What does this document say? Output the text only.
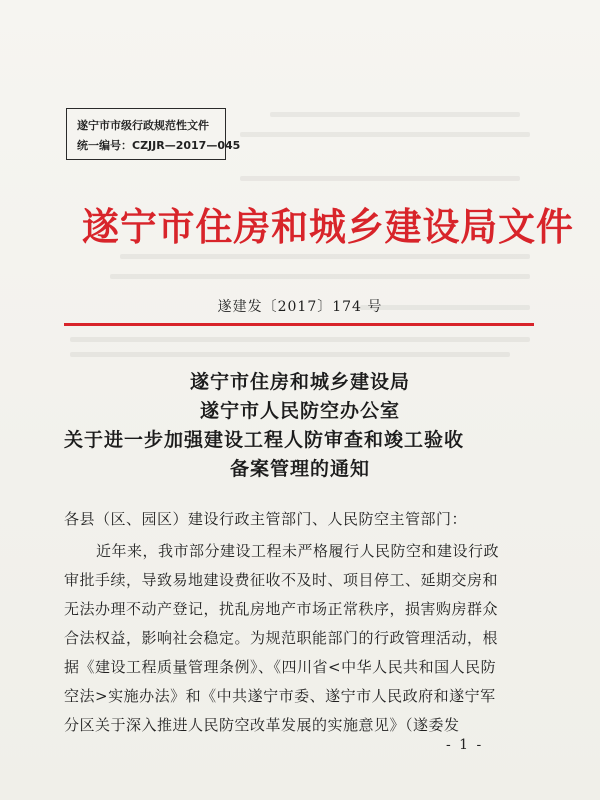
遂宁市市级行政规范性文件
统一编号：CZJJR—2017—045
遂宁市住房和城乡建设局文件
遂建发〔2017〕174 号
遂宁市住房和城乡建设局
遂宁市人民防空办公室
关于进一步加强建设工程人防审查和竣工验收
备案管理的通知
各县（区、园区）建设行政主管部门、人民防空主管部门：
近年来，我市部分建设工程未严格履行人民防空和建设行政
审批手续，导致易地建设费征收不及时、项目停工、延期交房和
无法办理不动产登记，扰乱房地产市场正常秩序，损害购房群众
合法权益，影响社会稳定。为规范职能部门的行政管理活动，根
据《建设工程质量管理条例》、《四川省<中华人民共和国人民防
空法>实施办法》和《中共遂宁市委、遂宁市人民政府和遂宁军
分区关于深入推进人民防空改革发展的实施意见》（遂委发
- 1 -
